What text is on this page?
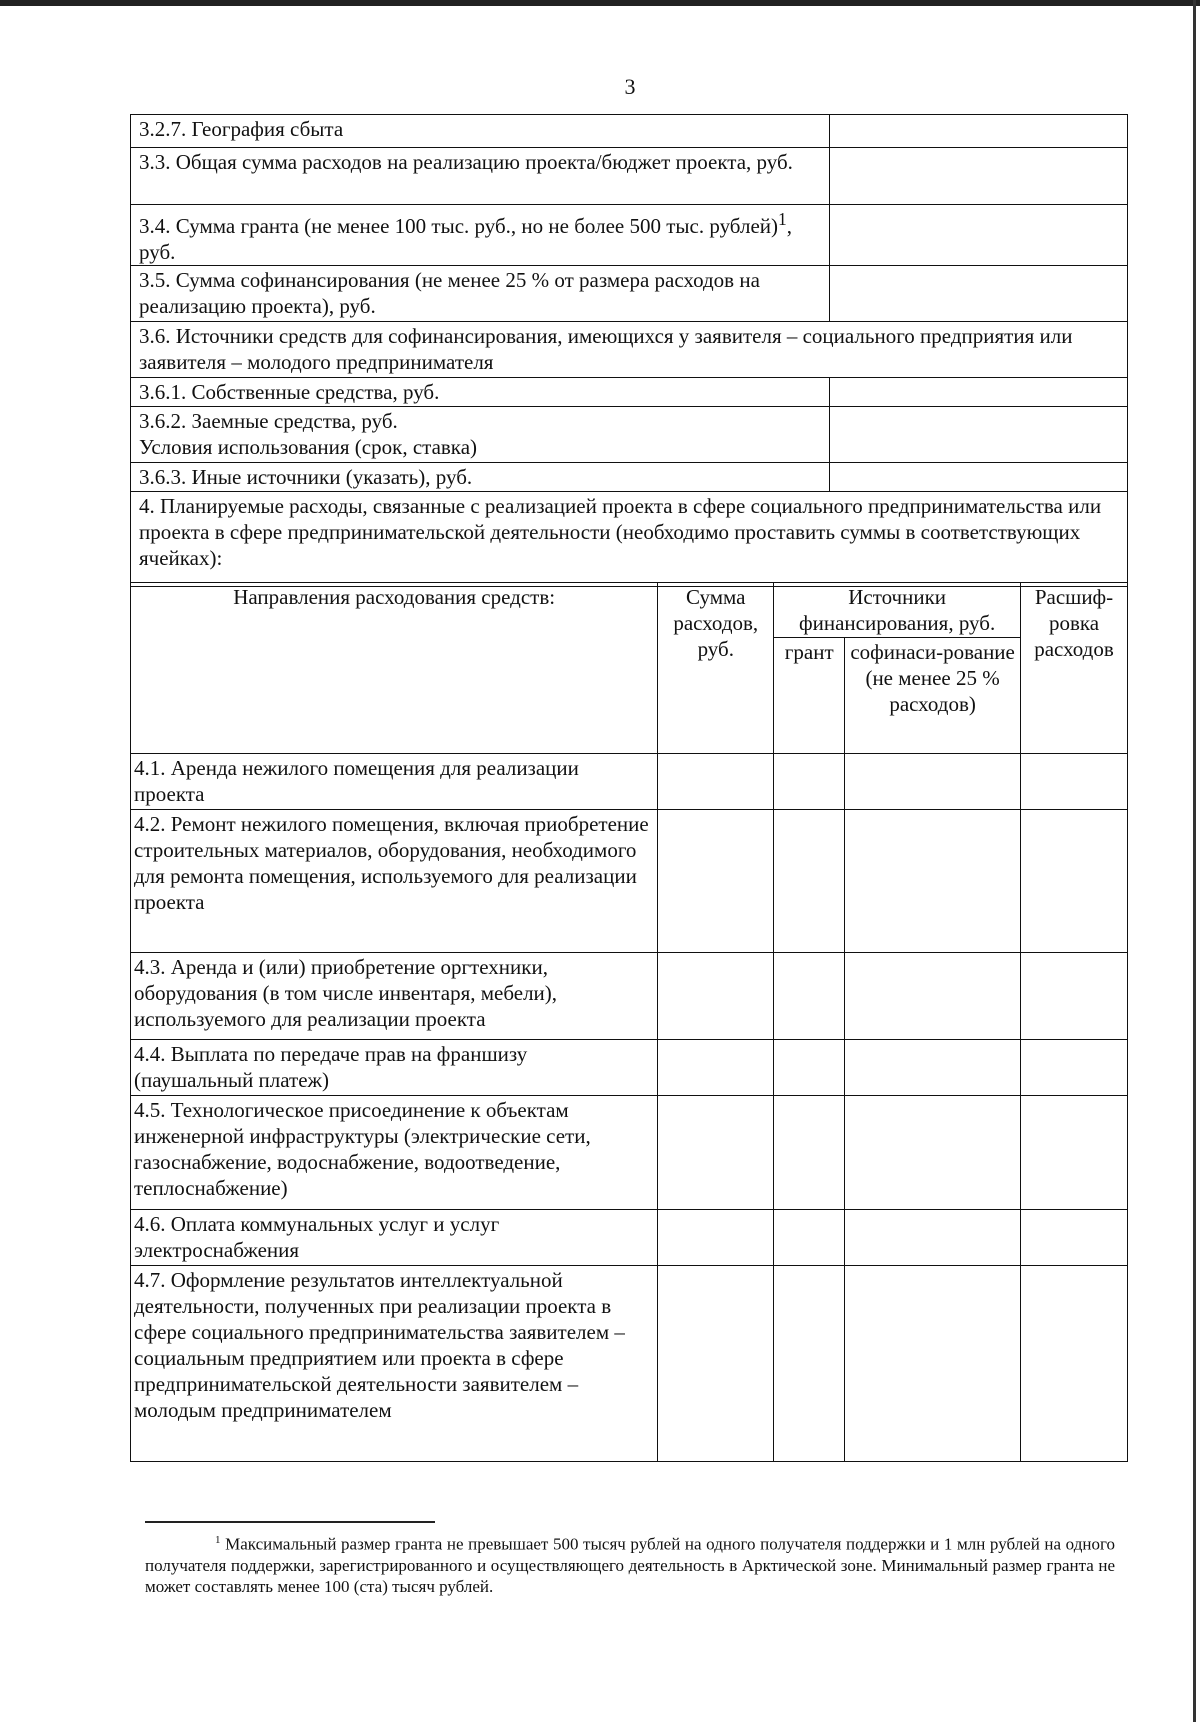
3
3.2.7. География сбыта	
3.3. Общая сумма расходов на реализацию проекта/бюджет проекта, руб.	
3.4. Сумма гранта (не менее 100 тыс. руб., но не более 500 тыс. рублей)$^1$, руб.	
3.5. Сумма софинансирования (не менее 25 % от размера расходов на реализацию проекта), руб.	
3.6. Источники средств для софинансирования, имеющихся у заявителя – социального предприятия или заявителя – молодого предпринимателя	
3.6.1. Собственные средства, руб.	

3.6.2. Заемные средства, руб.
Условия использования (срок, ставка)	

3.6.3. Иные источники (указать), руб.	
4. Планируемые расходы, связанные с реализацией проекта в сфере социального предпринимательства или проекта в сфере предпринимательской деятельности (необходимо проставить суммы в соответствующих ячейках):	
Направления расходования средств:	Сумма расходов, руб.	Источники финансирования, руб.		Расшиф-ровка расходов
		грант	софинаси-рование (не менее 25 % расходов)	
4.1. Аренда нежилого помещения для реализации проекта				
4.2. Ремонт нежилого помещения, включая приобретение строительных материалов, оборудования, необходимого для ремонта помещения, используемого для реализации проекта				
4.3. Аренда и (или) приобретение оргтехники, оборудования (в том числе инвентаря, мебели), используемого для реализации проекта				
4.4. Выплата по передаче прав на франшизу (паушальный платеж)				
4.5. Технологическое присоединение к объектам инженерной инфраструктуры (электрические сети, газоснабжение, водоснабжение, водоотведение, теплоснабжение)				
4.6. Оплата коммунальных услуг и услуг электроснабжения				
4.7. Оформление результатов интеллектуальной деятельности, полученных при реализации проекта в сфере социального предпринимательства заявителем – социальным предприятием или проекта в сфере предпринимательской деятельности заявителем – молодым предпринимателем				
$^1$ Максимальный размер гранта не превышает 500 тысяч рублей на одного получателя поддержки и 1 млн рублей на одного получателя поддержки, зарегистрированного и осуществляющего деятельность в Арктической зоне. Минимальный размер гранта не может составлять менее 100 (ста) тысяч рублей.
